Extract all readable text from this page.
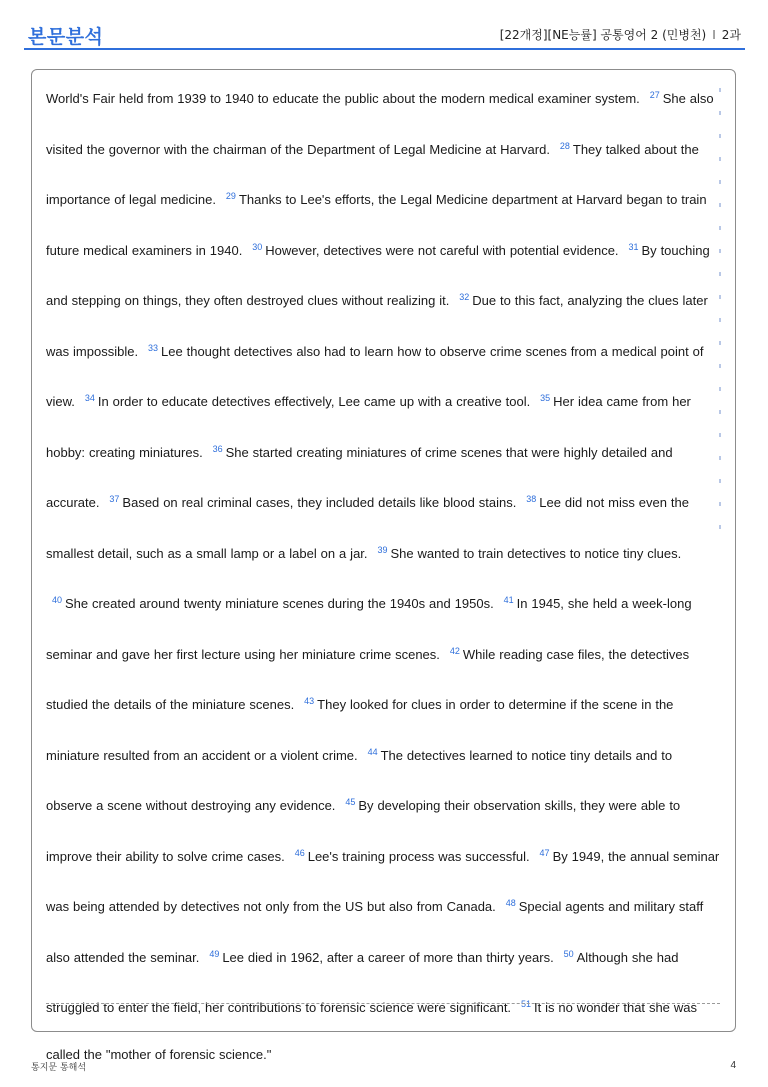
본문분석	[22개정][NE능률] 공통영어 2 (민병천) I 2과
World's Fair held from 1939 to 1940 to educate the public about the modern medical examiner system. $^{27}$ She also visited the governor with the chairman of the Department of Legal Medicine at Harvard. $^{28}$ They talked about the importance of legal medicine. $^{29}$ Thanks to Lee's efforts, the Legal Medicine department at Harvard began to train future medical examiners in 1940. $^{30}$ However, detectives were not careful with potential evidence. $^{31}$ By touching and stepping on things, they often destroyed clues without realizing it. $^{32}$ Due to this fact, analyzing the clues later was impossible. $^{33}$ Lee thought detectives also had to learn how to observe crime scenes from a medical point of view. $^{34}$ In order to educate detectives effectively, Lee came up with a creative tool. $^{35}$ Her idea came from her hobby: creating miniatures. $^{36}$ She started creating miniatures of crime scenes that were highly detailed and accurate. $^{37}$ Based on real criminal cases, they included details like blood stains. $^{38}$ Lee did not miss even the smallest detail, such as a small lamp or a label on a jar. $^{39}$ She wanted to train detectives to notice tiny clues. $^{40}$ She created around twenty miniature scenes during the 1940s and 1950s. $^{41}$ In 1945, she held a week-long seminar and gave her first lecture using her miniature crime scenes. $^{42}$ While reading case files, the detectives studied the details of the miniature scenes. $^{43}$ They looked for clues in order to determine if the scene in the miniature resulted from an accident or a violent crime. $^{44}$ The detectives learned to notice tiny details and to observe a scene without destroying any evidence. $^{45}$ By developing their observation skills, they were able to improve their ability to solve crime cases. $^{46}$ Lee's training process was successful. $^{47}$ By 1949, the annual seminar was being attended by detectives not only from the US but also from Canada. $^{48}$ Special agents and military staff also attended the seminar. $^{49}$ Lee died in 1962, after a career of more than thirty years. $^{50}$ Although she had struggled to enter the field, her contributions to forensic science were significant. $^{51}$ It is no wonder that she was called the "mother of forensic science."
통지문 통해석	4
